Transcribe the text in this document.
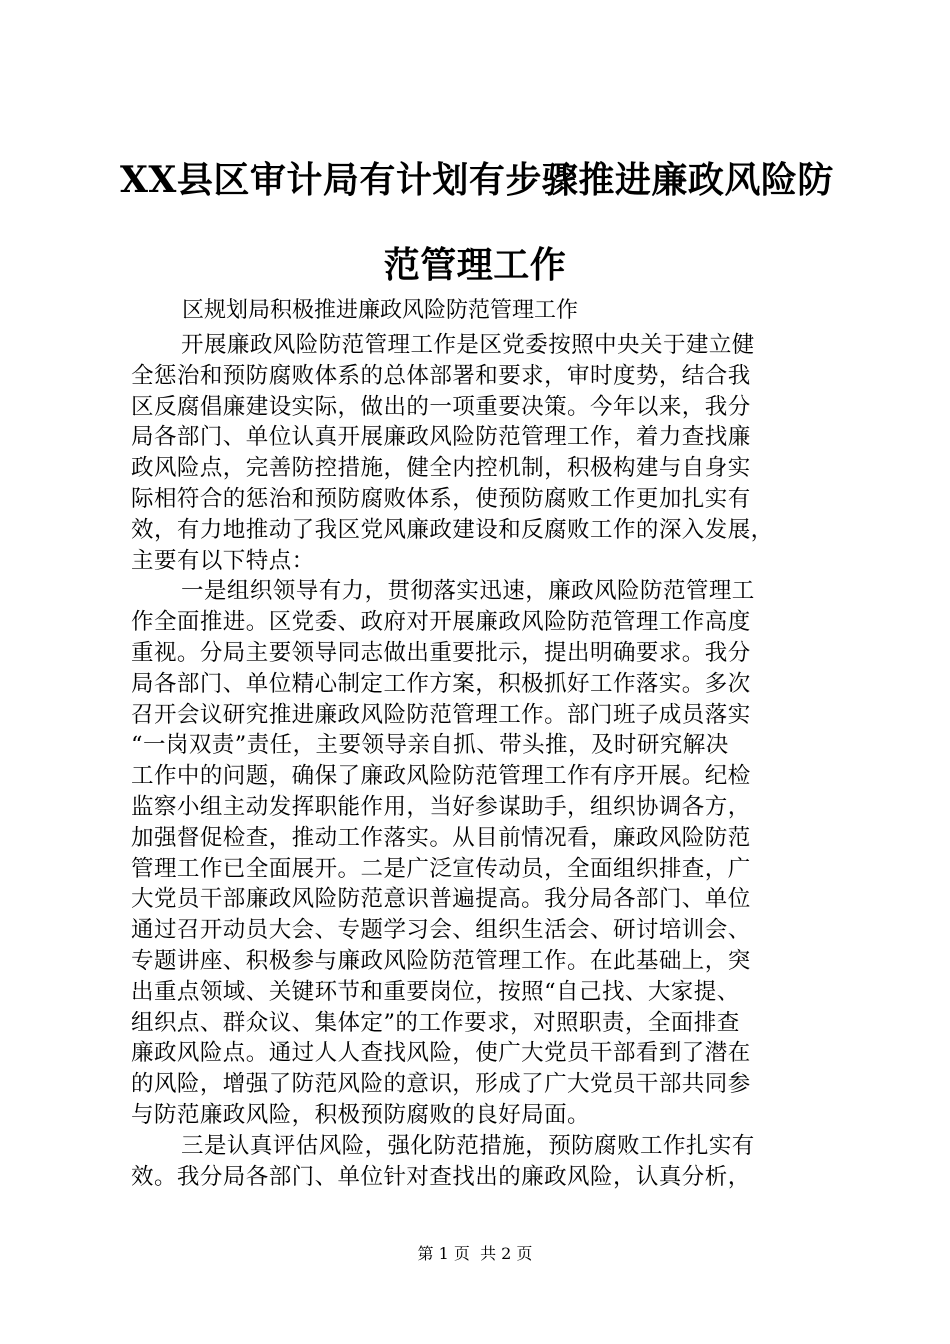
XX县区审计局有计划有步骤推进廉政风险防
范管理工作
区规划局积极推进廉政风险防范管理工作
开展廉政风险防范管理工作是区党委按照中央关于建立健
全惩治和预防腐败体系的总体部署和要求，审时度势，结合我
区反腐倡廉建设实际，做出的一项重要决策。今年以来，我分
局各部门、单位认真开展廉政风险防范管理工作，着力查找廉
政风险点，完善防控措施，健全内控机制，积极构建与自身实
际相符合的惩治和预防腐败体系，使预防腐败工作更加扎实有
效，有力地推动了我区党风廉政建设和反腐败工作的深入发展，
主要有以下特点：
一是组织领导有力，贯彻落实迅速，廉政风险防范管理工
作全面推进。区党委、政府对开展廉政风险防范管理工作高度
重视。分局主要领导同志做出重要批示，提出明确要求。我分
局各部门、单位精心制定工作方案，积极抓好工作落实。多次
召开会议研究推进廉政风险防范管理工作。部门班子成员落实
“一岗双责”责任，主要领导亲自抓、带头推，及时研究解决
工作中的问题，确保了廉政风险防范管理工作有序开展。纪检
监察小组主动发挥职能作用，当好参谋助手，组织协调各方，
加强督促检查，推动工作落实。从目前情况看，廉政风险防范
管理工作已全面展开。二是广泛宣传动员，全面组织排查，广
大党员干部廉政风险防范意识普遍提高。我分局各部门、单位
通过召开动员大会、专题学习会、组织生活会、研讨培训会、
专题讲座、积极参与廉政风险防范管理工作。在此基础上，突
出重点领域、关键环节和重要岗位，按照“自己找、大家提、
组织点、群众议、集体定”的工作要求，对照职责，全面排查
廉政风险点。通过人人查找风险，使广大党员干部看到了潜在
的风险，增强了防范风险的意识，形成了广大党员干部共同参
与防范廉政风险，积极预防腐败的良好局面。
三是认真评估风险，强化防范措施，预防腐败工作扎实有
效。我分局各部门、单位针对查找出的廉政风险，认真分析，
第 1 页  共 2 页
